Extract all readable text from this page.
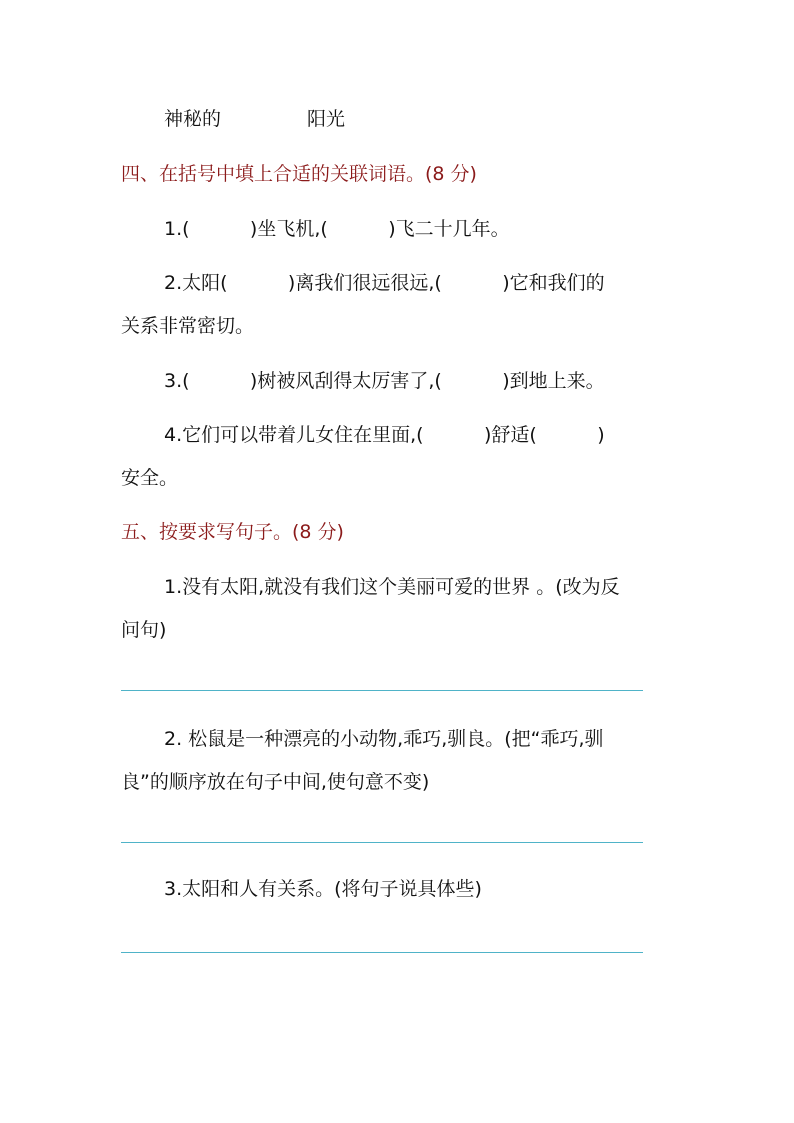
神秘的	阳光
四、在括号中填上合适的关联词语。(8 分)
1.(          )坐飞机,(          )飞二十几年。
2.太阳(          )离我们很远很远,(          )它和我们的
关系非常密切。
3.(          )树被风刮得太厉害了,(          )到地上来。
4.它们可以带着儿女住在里面,(          )舒适(          )
安全。
五、按要求写句子。(8 分)
1.没有太阳,就没有我们这个美丽可爱的世界 。(改为反
问句)
2. 松鼠是一种漂亮的小动物,乖巧,驯良。(把“乖巧,驯
良”的顺序放在句子中间,使句意不变)
3.太阳和人有关系。(将句子说具体些)
